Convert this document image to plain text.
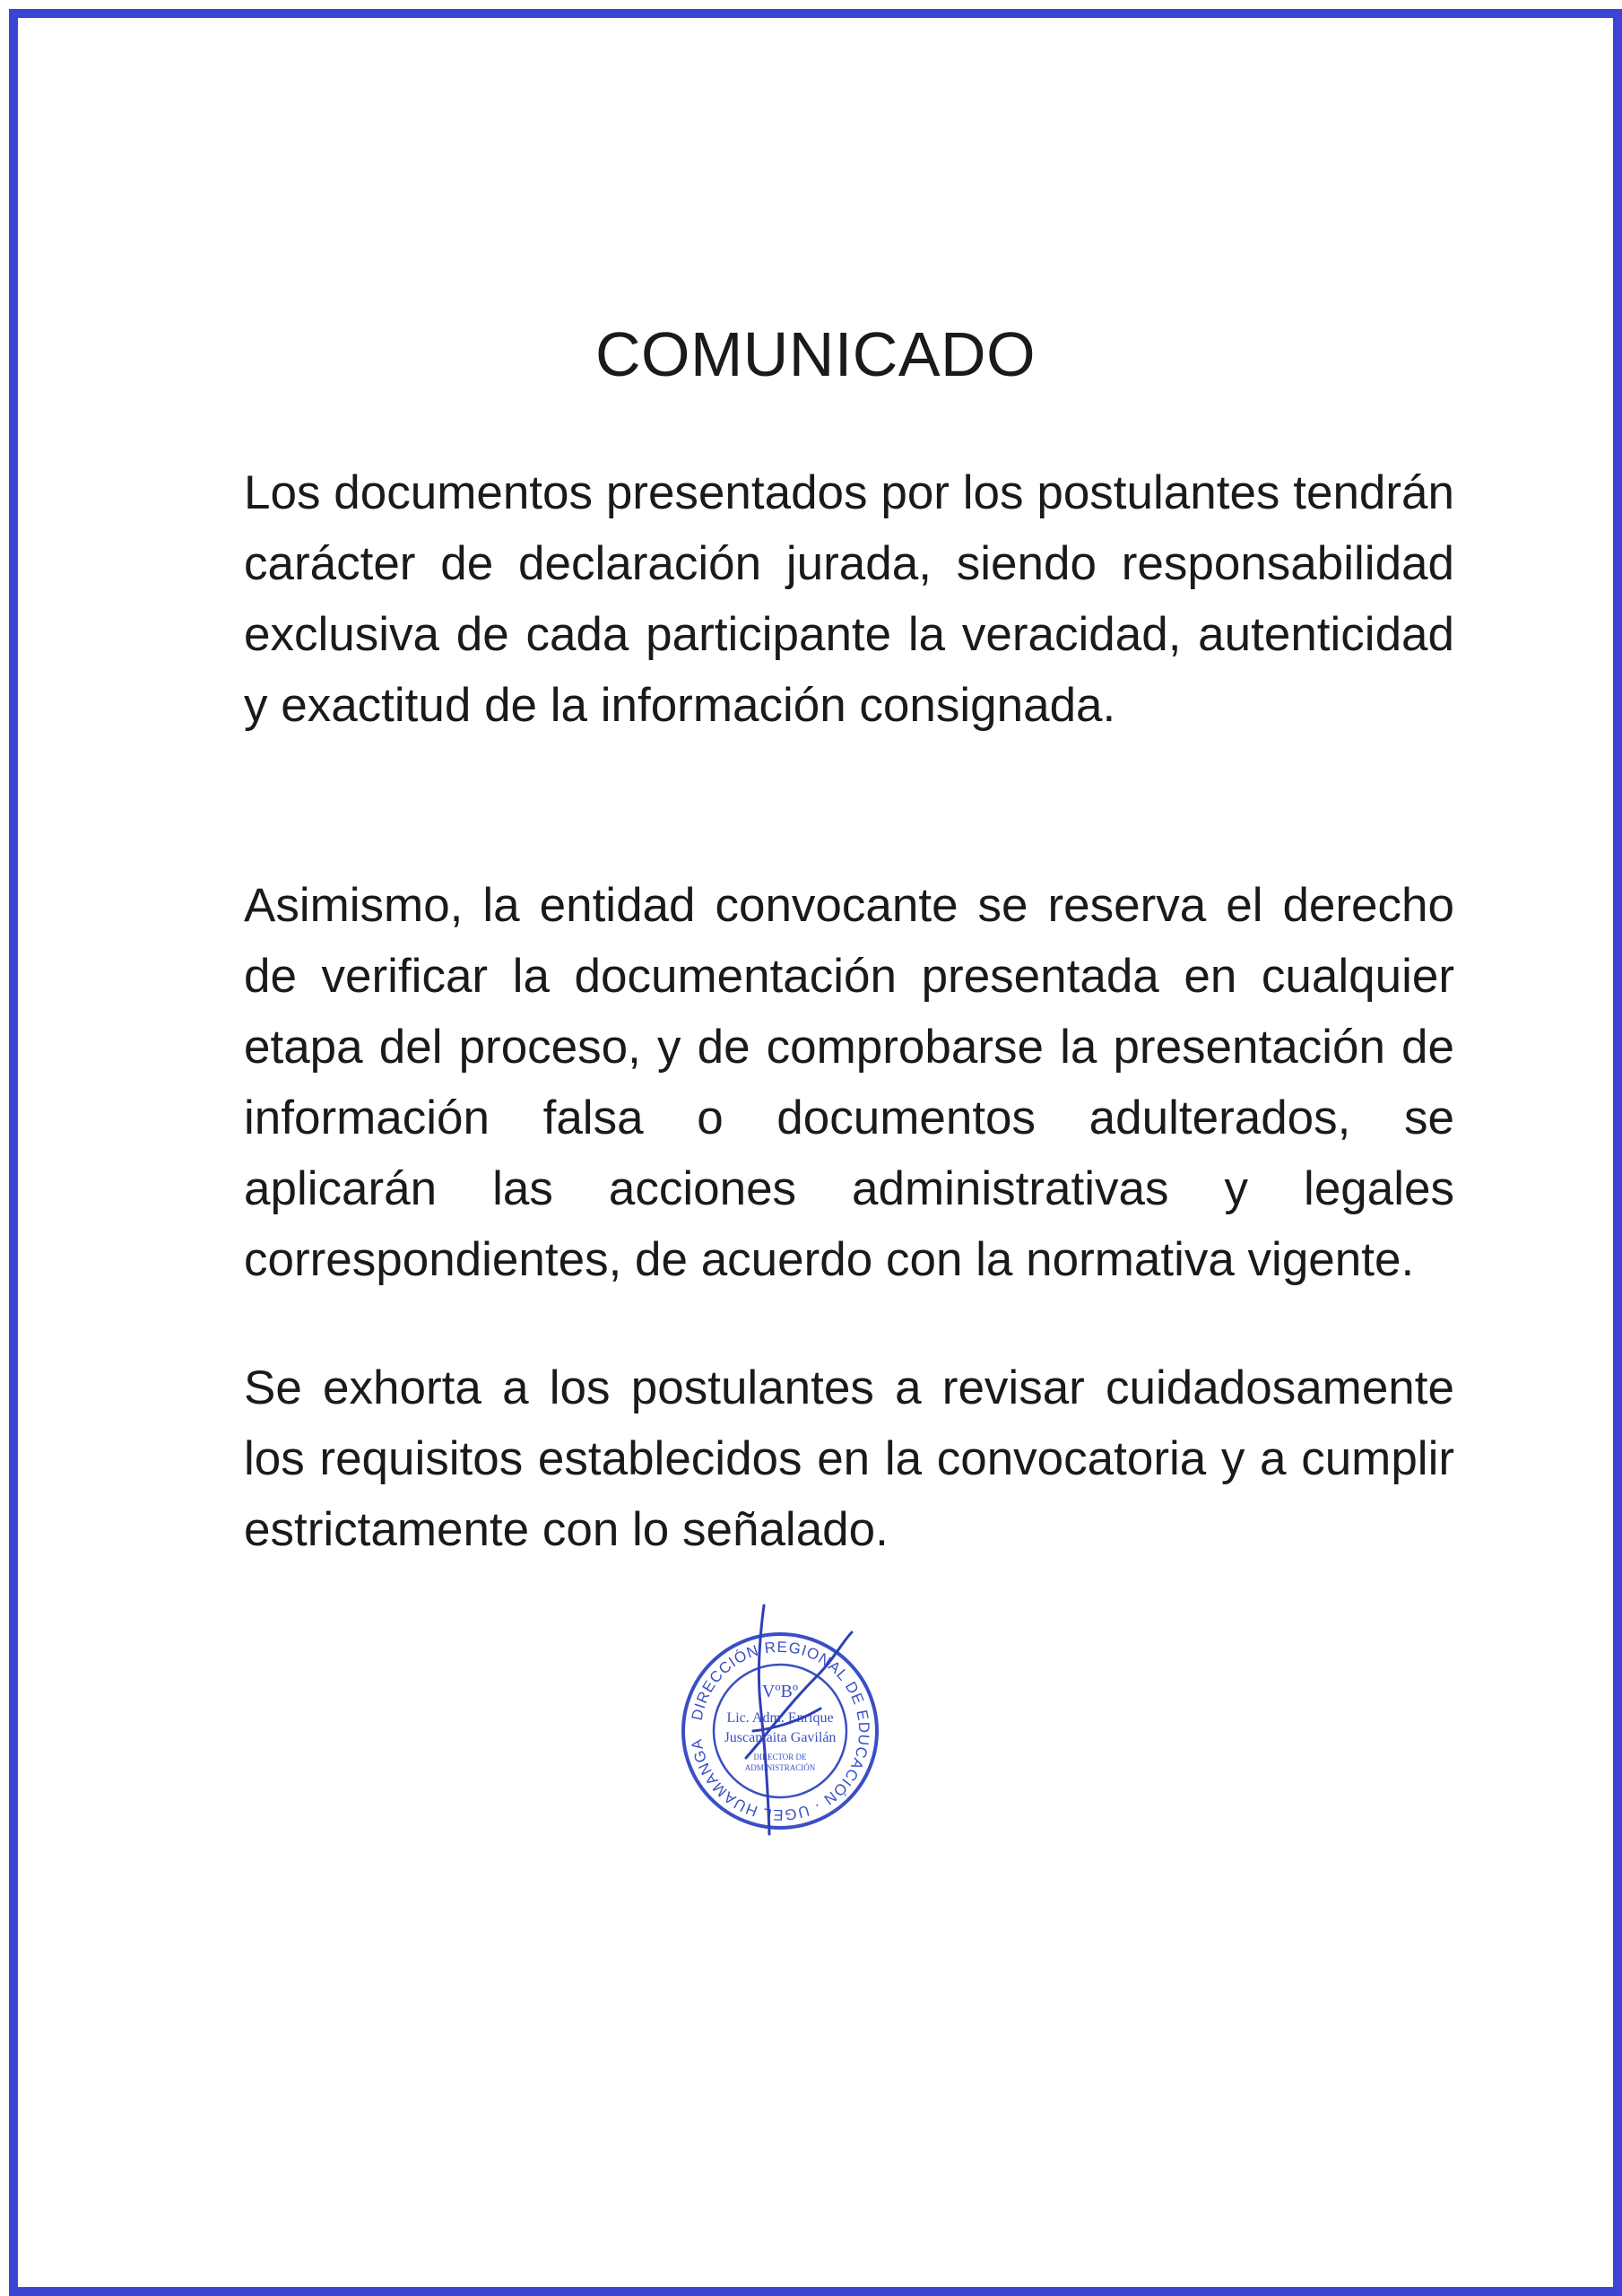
COMUNICADO

Los documentos presentados por los postulantes tendrán carácter de declaración jurada, siendo responsabilidad exclusiva de cada participante la veracidad, autenticidad y exactitud de la información consignada.

Asimismo, la entidad convocante se reserva el derecho de verificar la documentación presentada en cualquier etapa del proceso, y de comprobarse la presentación de información falsa o documentos adulterados, se aplicarán las acciones administrativas y legales correspondientes, de acuerdo con la normativa vigente.

Se exhorta a los postulantes a revisar cuidadosamente los requisitos establecidos en la convocatoria y a cumplir estrictamente con lo señalado.

DIRECCIÓN REGIONAL DE EDUCACIÓN · UGEL HUAMANGA
VºBº
Lic. Adm. Enrique
Juscamaita Gavilán
DIRECTOR DE
ADMINISTRACIÓN
